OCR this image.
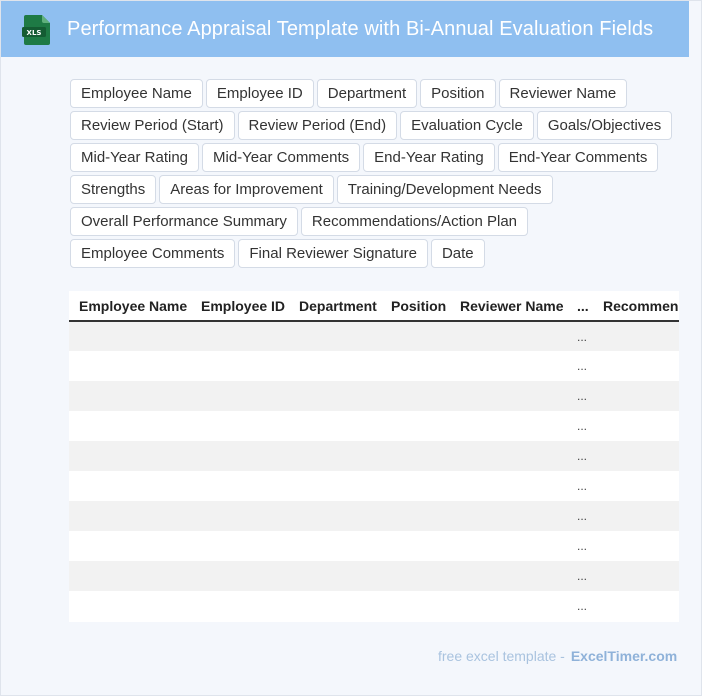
XLS Performance Appraisal Template with Bi-Annual Evaluation Fields
Employee Name	Employee ID	Department	Position	Reviewer Name
Review Period (Start)	Review Period (End)	Evaluation Cycle	Goals/Objectives
Mid-Year Rating	Mid-Year Comments	End-Year Rating	End-Year Comments
Strengths	Areas for Improvement	Training/Development Needs
Overall Performance Summary	Recommendations/Action Plan
Employee Comments	Final Reviewer Signature	Date
Employee Name	Employee ID	Department	Position	Reviewer Name	...	Recommen
					...	
					...	
					...	
					...	
					...	
					...	
					...	
					...	
					...	
					...	
free excel template - ExcelTimer.com
